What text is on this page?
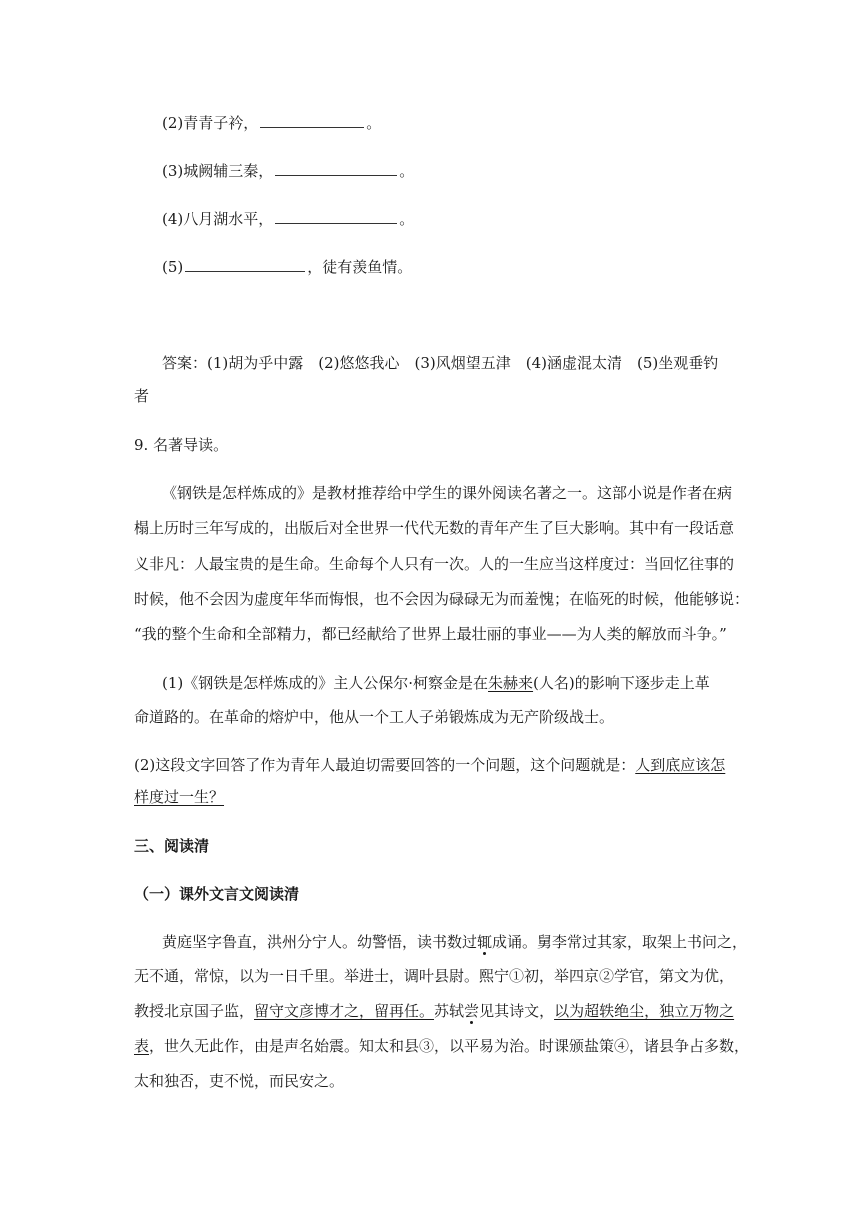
(2)青青子衿，	。
(3)城阙辅三秦，	。
(4)八月湖水平，	。
(5)	，徒有羡鱼情。
答案：(1)胡为乎中露　(2)悠悠我心　(3)风烟望五津　(4)涵虚混太清　(5)坐观垂钓
者
9. 名著导读。
《钢铁是怎样炼成的》是教材推荐给中学生的课外阅读名著之一。这部小说是作者在病
榻上历时三年写成的，出版后对全世界一代代无数的青年产生了巨大影响。其中有一段话意
义非凡：人最宝贵的是生命。生命每个人只有一次。人的一生应当这样度过：当回忆往事的
时候，他不会因为虚度年华而悔恨，也不会因为碌碌无为而羞愧；在临死的时候，他能够说：
“我的整个生命和全部精力，都已经献给了世界上最壮丽的事业——为人类的解放而斗争。”
(1)《钢铁是怎样炼成的》主人公保尔·柯察金是在朱赫来(人名)的影响下逐步走上革
命道路的。在革命的熔炉中，他从一个工人子弟锻炼成为无产阶级战士。
(2)这段文字回答了作为青年人最迫切需要回答的一个问题，这个问题就是：人到底应该怎
样度过一生？
三、阅读清
（一）课外文言文阅读清
黄庭坚字鲁直，洪州分宁人。幼警悟，读书数过辄成诵。舅李常过其家，取架上书问之，
无不通，常惊，以为一日千里。举进士，调叶县尉。熙宁①初，举四京②学官，第文为优，
教授北京国子监，留守文彦博才之，留再任。苏轼尝见其诗文，以为超轶绝尘，独立万物之
表，世久无此作，由是声名始震。知太和县③，以平易为治。时课颁盐策④，诸县争占多数，
太和独否，吏不悦，而民安之。
